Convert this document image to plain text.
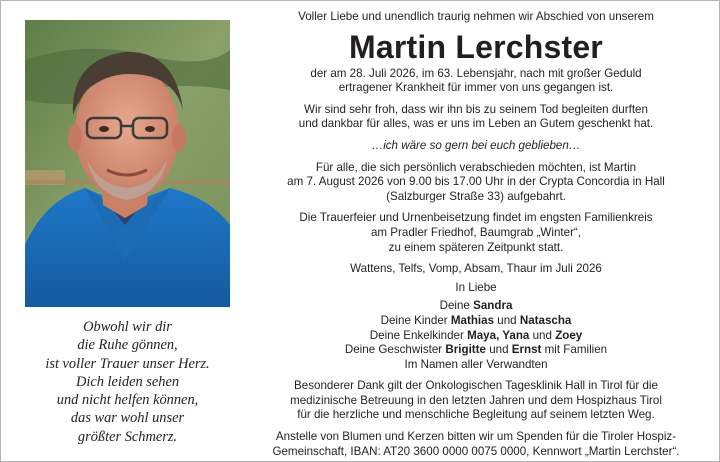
Obwohl wir dir
die Ruhe gönnen,
ist voller Trauer unser Herz.
Dich leiden sehen
und nicht helfen können,
das war wohl unser
größter Schmerz.
Voller Liebe und unendlich traurig nehmen wir Abschied von unserem
Martin Lerchster
der am 28. Juli 2026, im 63. Lebensjahr, nach mit großer Geduld
ertragener Krankheit für immer von uns gegangen ist.
Wir sind sehr froh, dass wir ihn bis zu seinem Tod begleiten durften
und dankbar für alles, was er uns im Leben an Gutem geschenkt hat.
…ich wäre so gern bei euch geblieben…
Für alle, die sich persönlich verabschieden möchten, ist Martin
am 7. August 2026 von 9.00 bis 17.00 Uhr in der Crypta Concordia in Hall
(Salzburger Straße 33) aufgebahrt.
Die Trauerfeier und Urnenbeisetzung findet im engsten Familienkreis
am Pradler Friedhof, Baumgrab „Winter“,
zu einem späteren Zeitpunkt statt.
Wattens, Telfs, Vomp, Absam, Thaur im Juli 2026
In Liebe
Deine Sandra
Deine Kinder Mathias und Natascha
Deine Enkelkinder Maya, Yana und Zoey
Deine Geschwister Brigitte und Ernst mit Familien
Im Namen aller Verwandten
Besonderer Dank gilt der Onkologischen Tagesklinik Hall in Tirol für die
medizinische Betreuung in den letzten Jahren und dem Hospizhaus Tirol
für die herzliche und menschliche Begleitung auf seinem letzten Weg.
Anstelle von Blumen und Kerzen bitten wir um Spenden für die Tiroler Hospiz-
Gemeinschaft, IBAN: AT20 3600 0000 0075 0000, Kennwort „Martin Lerchster“.
